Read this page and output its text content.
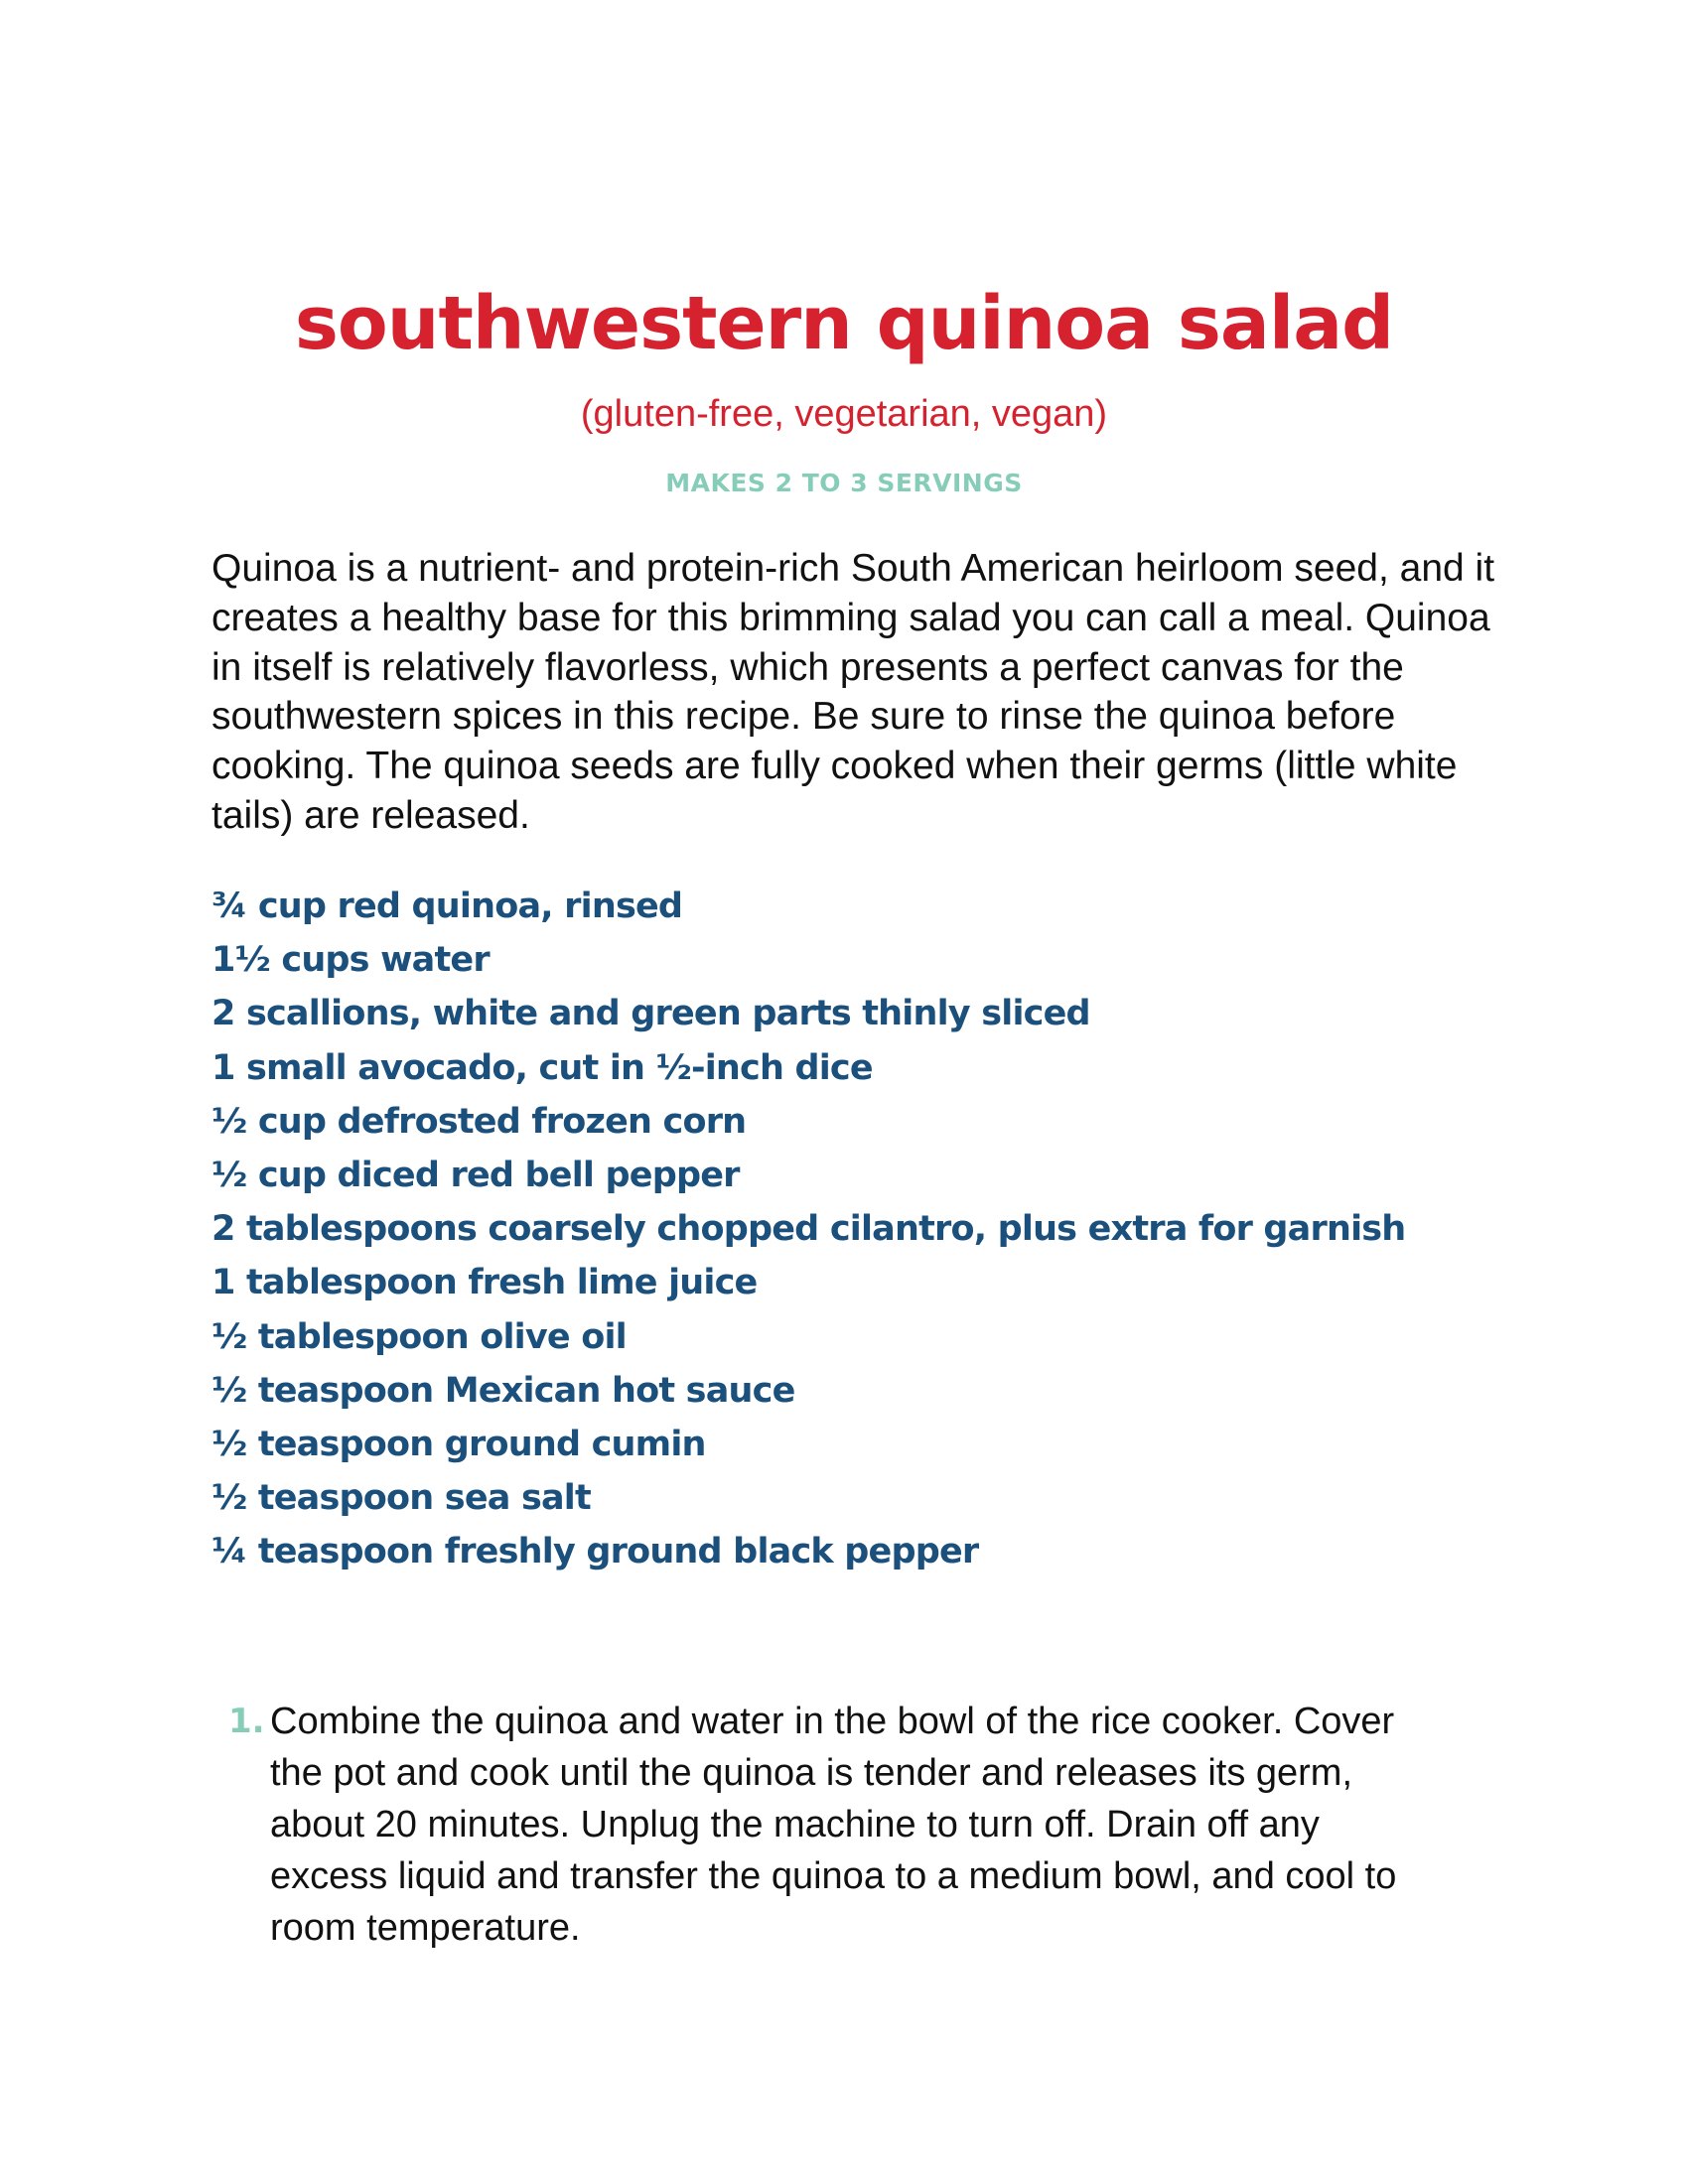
southwestern quinoa salad

(gluten-free, vegetarian, vegan)

MAKES 2 TO 3 SERVINGS

Quinoa is a nutrient- and protein-rich South American heirloom seed, and it creates a healthy base for this brimming salad you can call a meal. Quinoa in itself is relatively flavorless, which presents a perfect canvas for the southwestern spices in this recipe. Be sure to rinse the quinoa before cooking. The quinoa seeds are fully cooked when their germs (little white tails) are released.

¾ cup red quinoa, rinsed
1½ cups water
2 scallions, white and green parts thinly sliced
1 small avocado, cut in ½-inch dice
½ cup defrosted frozen corn
½ cup diced red bell pepper
2 tablespoons coarsely chopped cilantro, plus extra for garnish
1 tablespoon fresh lime juice
½ tablespoon olive oil
½ teaspoon Mexican hot sauce
½ teaspoon ground cumin
½ teaspoon sea salt
¼ teaspoon freshly ground black pepper
1. Combine the quinoa and water in the bowl of the rice cooker. Cover the pot and cook until the quinoa is tender and releases its germ, about 20 minutes. Unplug the machine to turn off. Drain off any excess liquid and transfer the quinoa to a medium bowl, and cool to room temperature.
